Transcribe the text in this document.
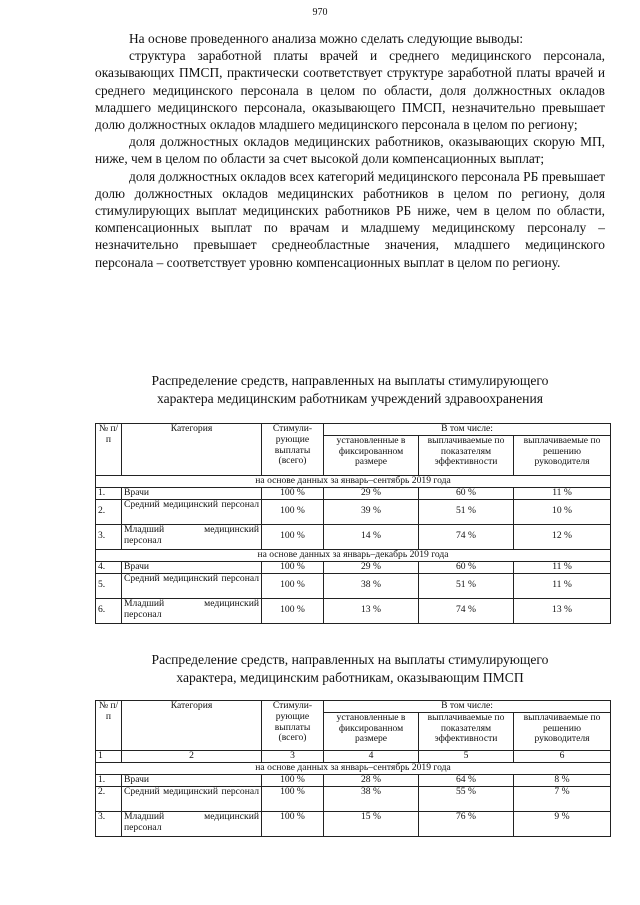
970
На основе проведенного анализа можно сделать следующие выводы:
структура заработной платы врачей и среднего медицинского персонала, оказывающих ПМСП, практически соответствует структуре заработной платы врачей и среднего медицинского персонала в целом по области, доля должностных окладов младшего медицинского персонала, оказывающего ПМСП, незначительно превышает долю должностных окладов младшего медицинского персонала в целом по региону;
доля должностных окладов медицинских работников, оказывающих скорую МП, ниже, чем в целом по области за счет высокой доли компенсационных выплат;
доля должностных окладов всех категорий медицинского персонала РБ превышает долю должностных окладов медицинских работников в целом по региону, доля стимулирующих выплат медицинских работников РБ ниже, чем в целом по области, компенсационных выплат по врачам и младшему медицинскому персоналу – незначительно превышает среднеобластные значения, младшего медицинского персонала – соответствует уровню компенсационных выплат в целом по региону.
Распределение средств, направленных на выплаты стимулирующего
характера медицинским работникам учреждений здравоохранения
№ п/п	Категория	Стимули-рующие выплаты (всего)	В том числе:		
			установленные в фиксированном размере	выплачиваемые по показателям эффективности	выплачиваемые по решению руководителя
на основе данных за январь–сентябрь 2019 года					
1.	Врачи	100 %	29 %	60 %	11 %
2.	Средний медицинский персонал	100 %	39 %	51 %	10 %
3.	Младший медицинский персонал	100 %	14 %	74 %	12 %
на основе данных за январь–декабрь 2019 года					
4.	Врачи	100 %	29 %	60 %	11 %
5.	Средний медицинский персонал	100 %	38 %	51 %	11 %
6.	Младший медицинский персонал	100 %	13 %	74 %	13 %
Распределение средств, направленных на выплаты стимулирующего
характера, медицинским работникам, оказывающим ПМСП
№ п/п	Категория	Стимули-рующие выплаты (всего)	В том числе:		
			установленные в фиксированном размере	выплачиваемые по показателям эффективности	выплачиваемые по решению руководителя
1	2	3	4	5	6
на основе данных за январь–сентябрь 2019 года					
1.	Врачи	100 %	28 %	64 %	8 %
2.	Средний медицинский персонал	100 %	38 %	55 %	7 %
3.	Младший медицинский персонал	100 %	15 %	76 %	9 %
